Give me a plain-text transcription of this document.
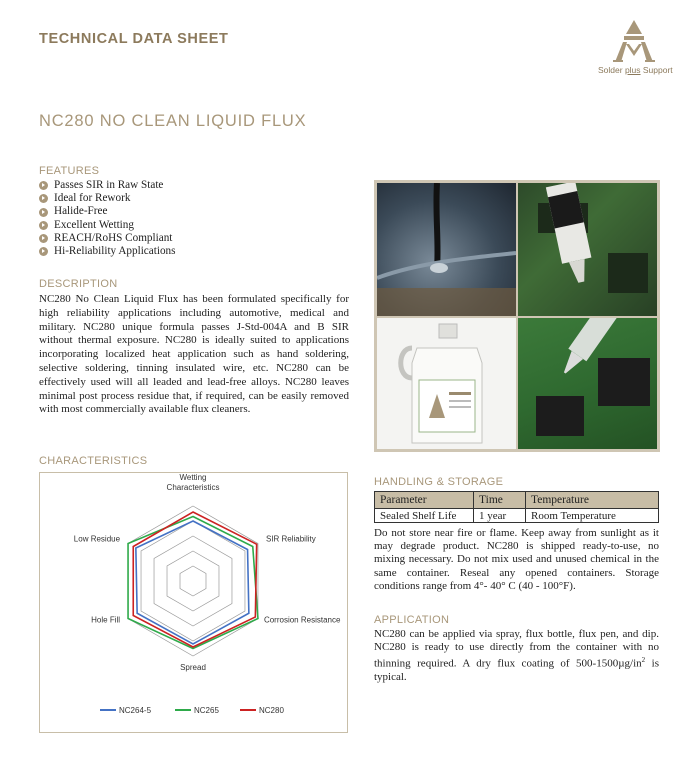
TECHNICAL DATA SHEET
Solder plus Support
NC280 NO CLEAN LIQUID FLUX
FEATURES
Passes SIR in Raw State
Ideal for Rework
Halide-Free
Excellent Wetting
REACH/RoHS Compliant
Hi-Reliability Applications
DESCRIPTION
NC280 No Clean Liquid Flux has been formulated specifically for high reliability applications including automotive, medical and military. NC280 unique formula passes J-Std-004A and B SIR without thermal exposure. NC280 is ideally suited to applications incorporating localized heat application such as hand soldering, selective soldering, tinning insulated wire, etc. NC280 can be effectively used will all leaded and lead-free alloys. NC280 leaves minimal post process residue that, if required, can be easily removed with most commercially available flux cleaners.
CHARACTERISTICS
Wetting Characteristics
SIR Reliability
Corrosion Resistance
Spread
Hole Fill
Low Residue
NC264-5	NC265	NC280
HANDLING & STORAGE
Parameter	Time	Temperature
Sealed Shelf Life	1 year	Room Temperature
Do not store near fire or flame. Keep away from sunlight as it may degrade product. NC280 is shipped ready-to-use, no mixing necessary. Do not mix used and unused chemical in the same container. Reseal any opened containers. Storage conditions range from 4°- 40° C (40 - 100°F).
APPLICATION
NC280 can be applied via spray, flux bottle, flux pen, and dip. NC280 is ready to use directly from the container with no thinning required. A dry flux coating of $500-1500\mu g/in^2$ is typical.
